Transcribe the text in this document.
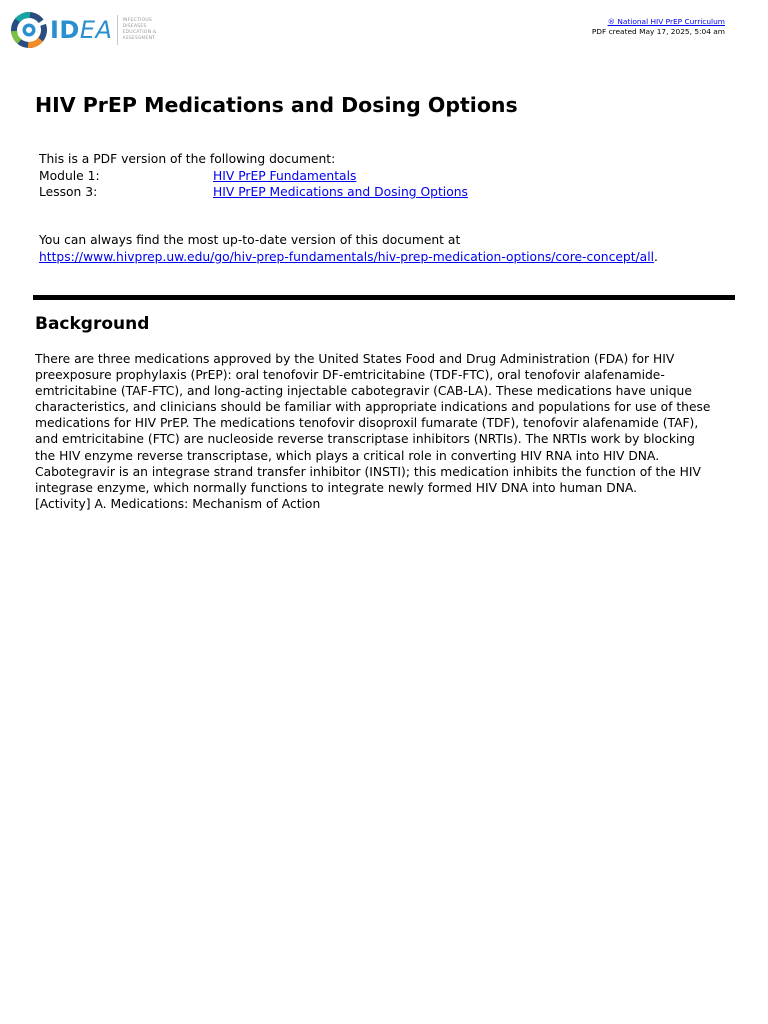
IDEA INFECTIOUS
DISEASES
EDUCATION &
ASSESSMENT
® National HIV PrEP Curriculum
PDF created May 17, 2025, 5:04 am
HIV PrEP Medications and Dosing Options
This is a PDF version of the following document:
Module 1:	HIV PrEP Fundamentals
Lesson 3:	HIV PrEP Medications and Dosing Options
You can always find the most up-to-date version of this document at
https://www.hivprep.uw.edu/go/hiv-prep-fundamentals/hiv-prep-medication-options/core-concept/all.
Background

There are three medications approved by the United States Food and Drug Administration (FDA) for HIV
preexposure prophylaxis (PrEP): oral tenofovir DF-emtricitabine (TDF-FTC), oral tenofovir alafenamide-
emtricitabine (TAF-FTC), and long-acting injectable cabotegravir (CAB-LA). These medications have unique
characteristics, and clinicians should be familiar with appropriate indications and populations for use of these
medications for HIV PrEP. The medications tenofovir disoproxil fumarate (TDF), tenofovir alafenamide (TAF),
and emtricitabine (FTC) are nucleoside reverse transcriptase inhibitors (NRTIs). The NRTIs work by blocking
the HIV enzyme reverse transcriptase, which plays a critical role in converting HIV RNA into HIV DNA.
Cabotegravir is an integrase strand transfer inhibitor (INSTI); this medication inhibits the function of the HIV
integrase enzyme, which normally functions to integrate newly formed HIV DNA into human DNA.
[Activity] A. Medications: Mechanism of Action
